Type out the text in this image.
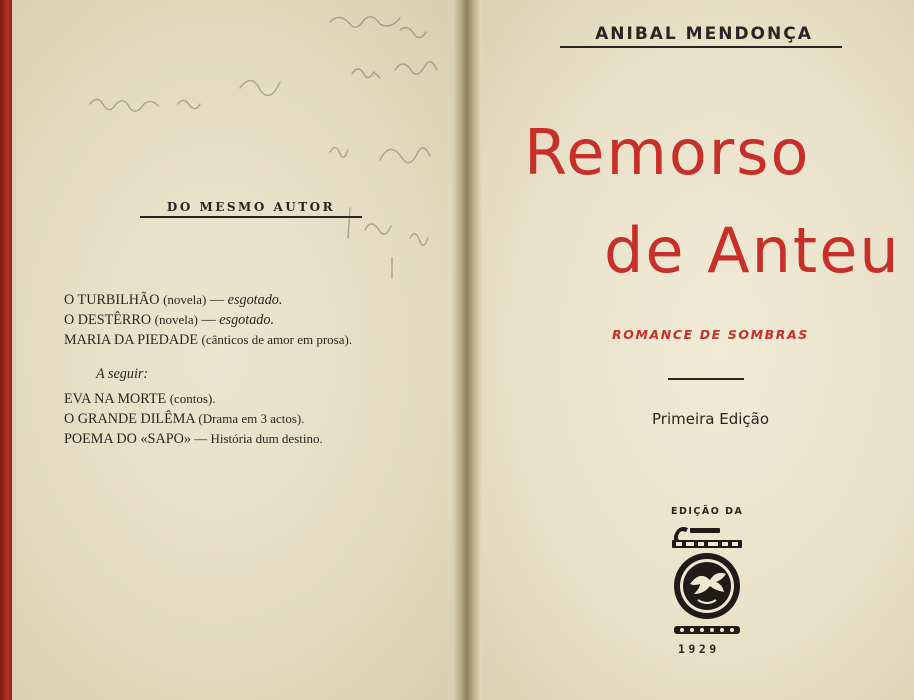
DO MESMO AUTOR
O TURBILHÃO (novela) — esgotado.
O DESTÊRRO (novela) — esgotado.
MARIA DA PIEDADE (cânticos de amor em prosa).
A seguir:
EVA NA MORTE (contos).
O GRANDE DILÊMA (Drama em 3 actos).
POEMA DO «SAPO» — História dum destino.
ANIBAL MENDONÇA
Remorso
de Anteu
ROMANCE DE SOMBRAS
Primeira Edição
EDIÇÃO DA
1929
